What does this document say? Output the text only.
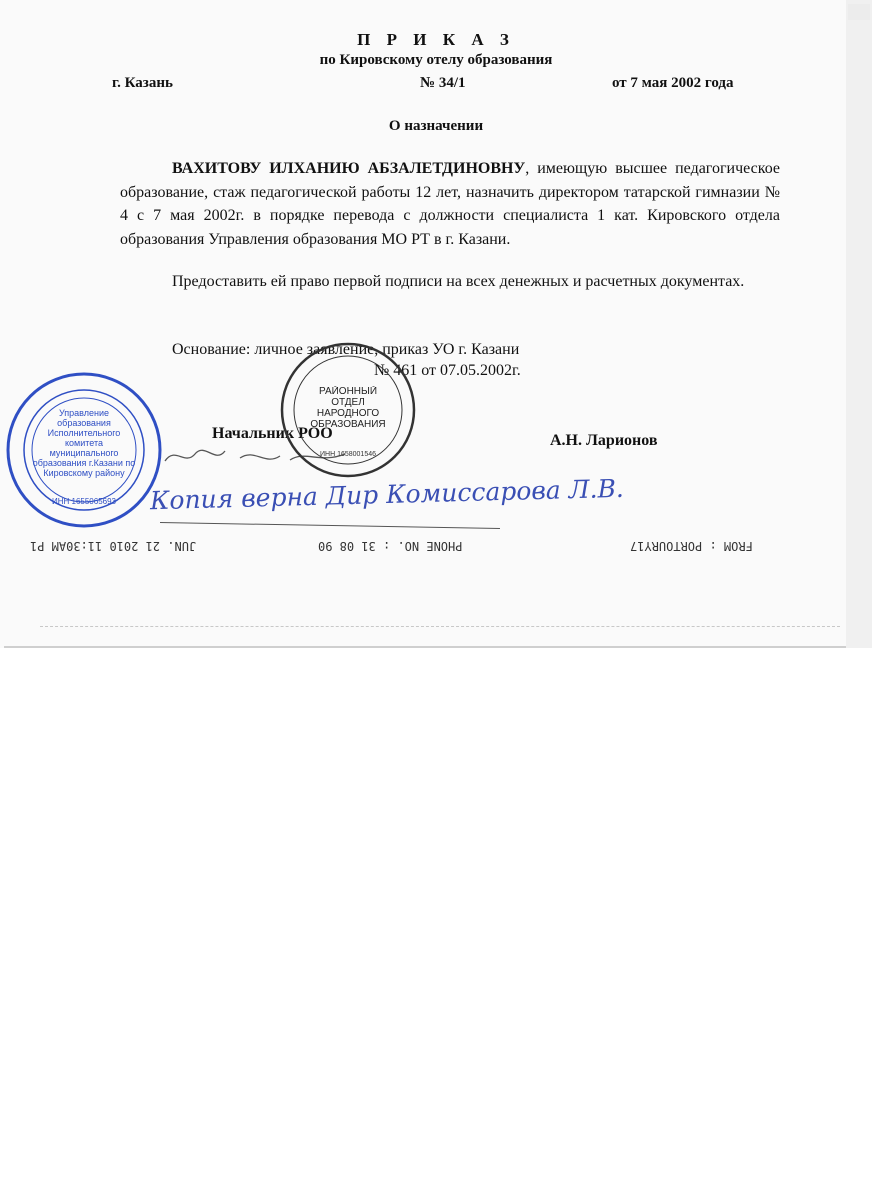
П Р И К А З
по Кировскому отелу образования
г. Казань	№ 34/1	от 7 мая 2002 года
О назначении
ВАХИТОВУ ИЛХАНИЮ АБЗАЛЕТДИНОВНУ, имеющую высшее педагогическое образование, стаж педагогической работы 12 лет, назначить директором татарской гимназии № 4 с 7 мая 2002г. в порядке перевода с должности специалиста 1 кат. Кировского отдела образования Управления образования МО РТ в г. Казани.
Предоставить ей право первой подписи на всех денежных и расчетных документах.
Основание: личное заявление, приказ УО г. Казани
№ 461 от 07.05.2002г.
Начальник РОО	А.Н. Ларионов
Копия верна Дир Комиссарова Л.В.
Управление образования Исполнительного комитета муниципального образования г.Казани по Кировскому району
ИНН 1655065693
РАЙОННЫЙ ОТДЕЛ НАРОДНОГО ОБРАЗОВАНИЯ
ИНН 1658001546
JUN. 21 2010 11:30AM P1	PHONE NO. : 31 08 90	FROM : PORTOURY17
